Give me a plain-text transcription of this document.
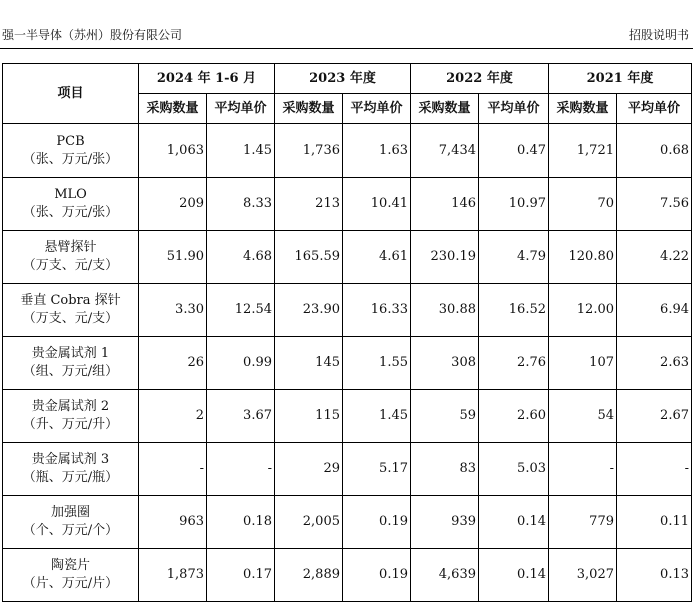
强一半导体（苏州）股份有限公司	招股说明书
项目	2024 年 1-6 月		2023 年度		2022 年度		2021 年度	
	采购数量	平均单价	采购数量	平均单价	采购数量	平均单价	采购数量	平均单价

PCB
（张、万元/张）	1,063	1.45	1,736	1.63	7,434	0.47	1,721	0.68

MLO
（张、万元/张）	209	8.33	213	10.41	146	10.97	70	7.56

悬臂探针
（万支、元/支）	51.90	4.68	165.59	4.61	230.19	4.79	120.80	4.22

垂直 Cobra 探针
（万支、元/支）	3.30	12.54	23.90	16.33	30.88	16.52	12.00	6.94

贵金属试剂 1
（组、万元/组）	26	0.99	145	1.55	308	2.76	107	2.63

贵金属试剂 2
（升、万元/升）	2	3.67	115	1.45	59	2.60	54	2.67

贵金属试剂 3
（瓶、万元/瓶）	-	-	29	5.17	83	5.03	-	-

加强圈
（个、万元/个）	963	0.18	2,005	0.19	939	0.14	779	0.11

陶瓷片
（片、万元/片）	1,873	0.17	2,889	0.19	4,639	0.14	3,027	0.13
